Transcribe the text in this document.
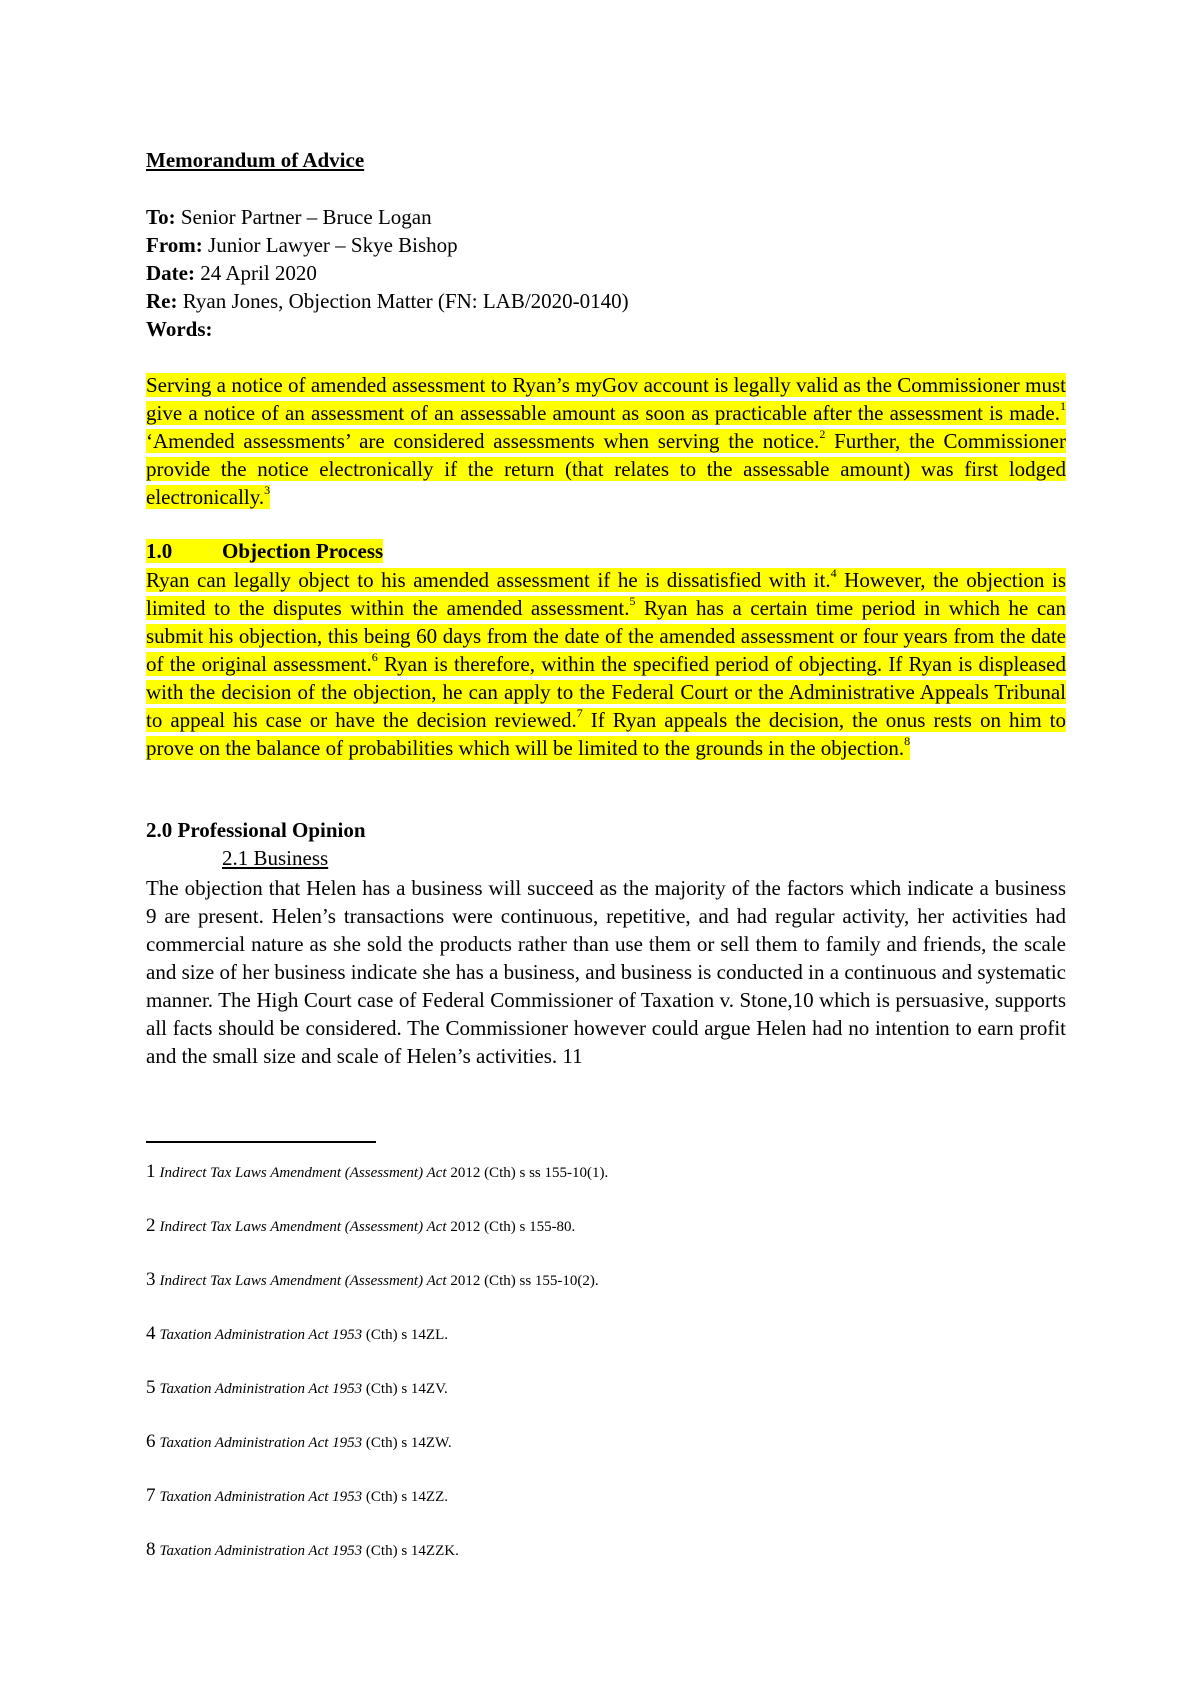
Memorandum of Advice
To: Senior Partner – Bruce Logan
From: Junior Lawyer – Skye Bishop
Date: 24 April 2020
Re: Ryan Jones, Objection Matter (FN: LAB/2020-0140)
Words:
Serving a notice of amended assessment to Ryan’s myGov account is legally valid as the Commissioner must give a notice of an assessment of an assessable amount as soon as practicable after the assessment is made.$^1$ ‘Amended assessments’ are considered assessments when serving the notice.$^2$ Further, the Commissioner provide the notice electronically if the return (that relates to the assessable amount) was first lodged electronically.$^3$
1.0 Objection Process
Ryan can legally object to his amended assessment if he is dissatisfied with it.$^4$ However, the objection is limited to the disputes within the amended assessment.$^5$ Ryan has a certain time period in which he can submit his objection, this being 60 days from the date of the amended assessment or four years from the date of the original assessment.$^6$ Ryan is therefore, within the specified period of objecting. If Ryan is displeased with the decision of the objection, he can apply to the Federal Court or the Administrative Appeals Tribunal to appeal his case or have the decision reviewed.$^7$ If Ryan appeals the decision, the onus rests on him to prove on the balance of probabilities which will be limited to the grounds in the objection.$^8$
2.0 Professional Opinion
2.1 Business
The objection that Helen has a business will succeed as the majority of the factors which indicate a business 9 are present. Helen’s transactions were continuous, repetitive, and had regular activity, her activities had commercial nature as she sold the products rather than use them or sell them to family and friends, the scale and size of her business indicate she has a business, and business is conducted in a continuous and systematic manner. The High Court case of Federal Commissioner of Taxation v. Stone,10 which is persuasive, supports all facts should be considered. The Commissioner however could argue Helen had no intention to earn profit and the small size and scale of Helen’s activities. 11
1 Indirect Tax Laws Amendment (Assessment) Act 2012 (Cth) s ss 155-10(1).
2 Indirect Tax Laws Amendment (Assessment) Act 2012 (Cth) s 155-80.
3 Indirect Tax Laws Amendment (Assessment) Act 2012 (Cth) ss 155-10(2).
4 Taxation Administration Act 1953 (Cth) s 14ZL.
5 Taxation Administration Act 1953 (Cth) s 14ZV.
6 Taxation Administration Act 1953 (Cth) s 14ZW.
7 Taxation Administration Act 1953 (Cth) s 14ZZ.
8 Taxation Administration Act 1953 (Cth) s 14ZZK.
